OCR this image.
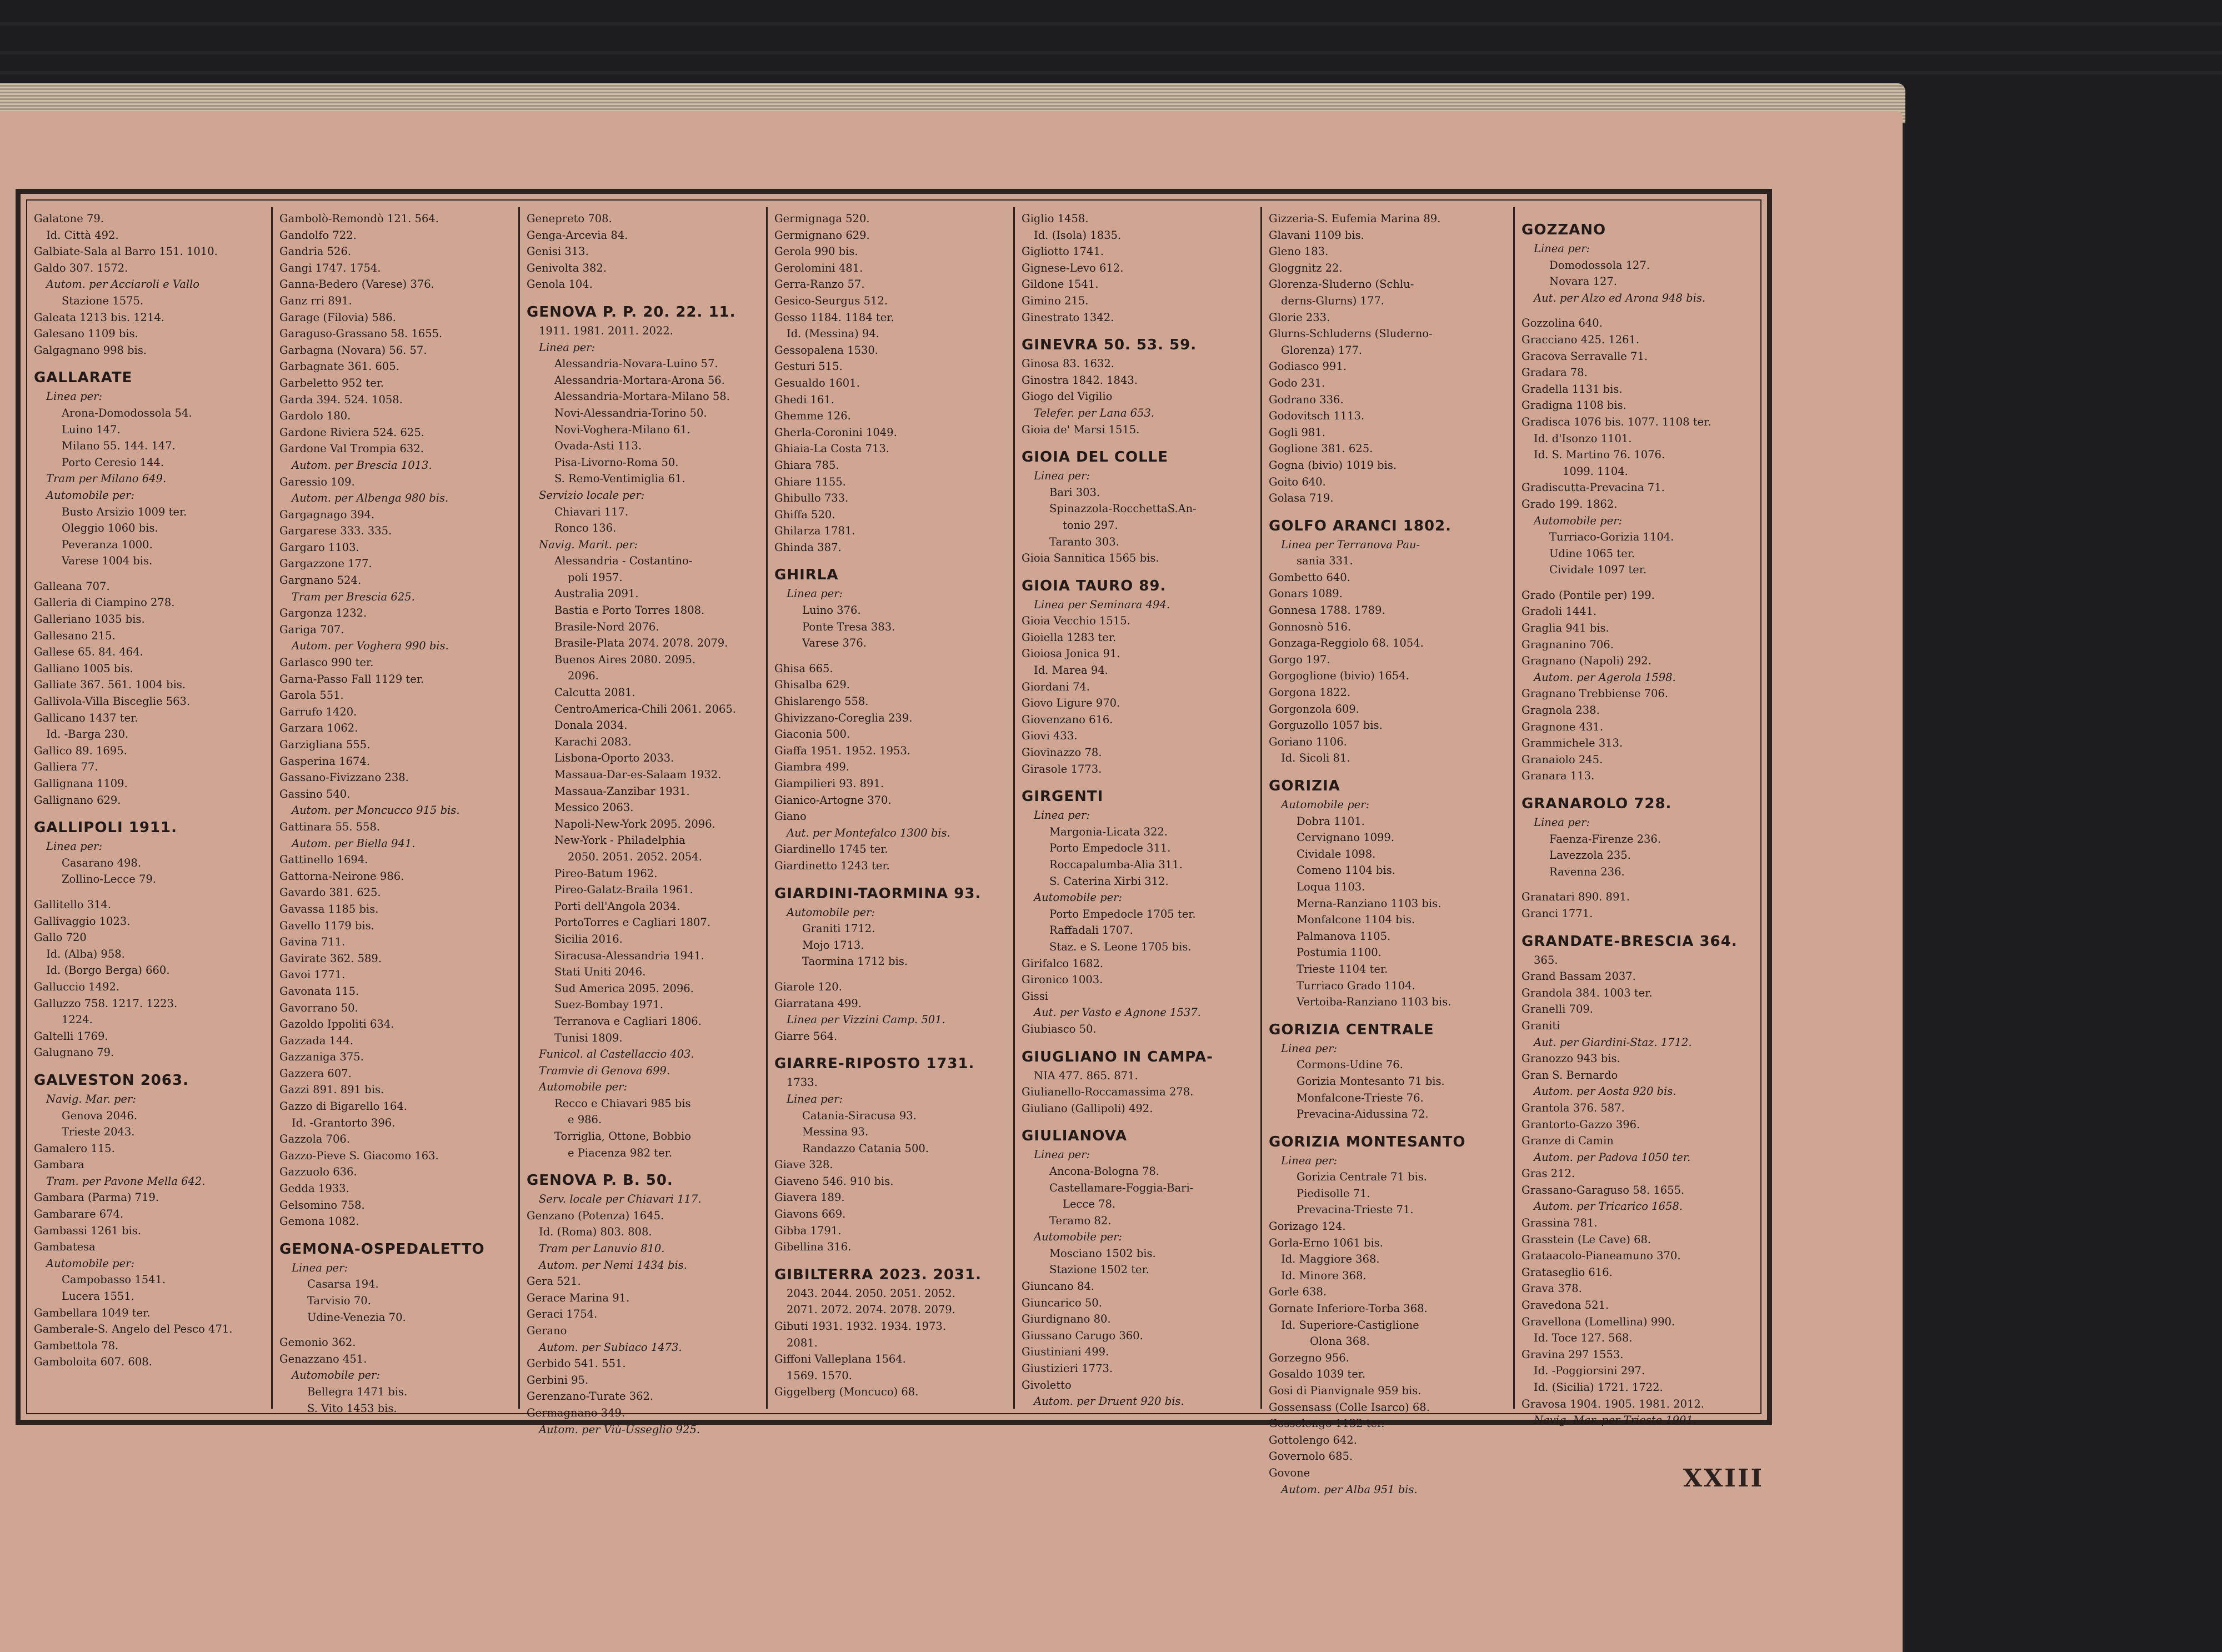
Galatone 79.
Id. Città 492.
Galbiate-Sala al Barro 151. 1010.
Galdo 307. 1572.
Autom. per Acciaroli e Vallo
Stazione 1575.
Galeata 1213 bis. 1214.
Galesano 1109 bis.
Galgagnano 998 bis.
GALLARATE
Linea per:
Arona-Domodossola 54.
Luino 147.
Milano 55. 144. 147.
Porto Ceresio 144.
Tram per Milano 649.
Automobile per:
Busto Arsizio 1009 ter.
Oleggio 1060 bis.
Peveranza 1000.
Varese 1004 bis.
Galleana 707.
Galleria di Ciampino 278.
Galleriano 1035 bis.
Gallesano 215.
Gallese 65. 84. 464.
Galliano 1005 bis.
Galliate 367. 561. 1004 bis.
Gallivola-Villa Bisceglie 563.
Gallicano 1437 ter.
Id. -Barga 230.
Gallico 89. 1695.
Galliera 77.
Gallignana 1109.
Gallignano 629.
GALLIPOLI 1911.
Linea per:
Casarano 498.
Zollino-Lecce 79.
Gallitello 314.
Gallivaggio 1023.
Gallo 720
Id. (Alba) 958.
Id. (Borgo Berga) 660.
Galluccio 1492.
Galluzzo 758. 1217. 1223.
1224.
Galtelli 1769.
Galugnano 79.
GALVESTON 2063.
Navig. Mar. per:
Genova 2046.
Trieste 2043.
Gamalero 115.
Gambara
Tram. per Pavone Mella 642.
Gambara (Parma) 719.
Gambarare 674.
Gambassi 1261 bis.
Gambatesa
Automobile per:
Campobasso 1541.
Lucera 1551.
Gambellara 1049 ter.
Gamberale-S. Angelo del Pesco 471.
Gambettola 78.
Gamboloita 607. 608.
Gambolò-Remondò 121. 564.
Gandolfo 722.
Gandria 526.
Gangi 1747. 1754.
Ganna-Bedero (Varese) 376.
Ganz rri 891.
Garage (Filovia) 586.
Garaguso-Grassano 58. 1655.
Garbagna (Novara) 56. 57.
Garbagnate 361. 605.
Garbeletto 952 ter.
Garda 394. 524. 1058.
Gardolo 180.
Gardone Riviera 524. 625.
Gardone Val Trompia 632.
Autom. per Brescia 1013.
Garessio 109.
Autom. per Albenga 980 bis.
Gargagnago 394.
Gargarese 333. 335.
Gargaro 1103.
Gargazzone 177.
Gargnano 524.
Tram per Brescia 625.
Gargonza 1232.
Gariga 707.
Autom. per Voghera 990 bis.
Garlasco 990 ter.
Garna-Passo Fall 1129 ter.
Garola 551.
Garrufo 1420.
Garzara 1062.
Garzigliana 555.
Gasperina 1674.
Gassano-Fivizzano 238.
Gassino 540.
Autom. per Moncucco 915 bis.
Gattinara 55. 558.
Autom. per Biella 941.
Gattinello 1694.
Gattorna-Neirone 986.
Gavardo 381. 625.
Gavassa 1185 bis.
Gavello 1179 bis.
Gavina 711.
Gavirate 362. 589.
Gavoi 1771.
Gavonata 115.
Gavorrano 50.
Gazoldo Ippoliti 634.
Gazzada 144.
Gazzaniga 375.
Gazzera 607.
Gazzi 891. 891 bis.
Gazzo di Bigarello 164.
Id. -Grantorto 396.
Gazzola 706.
Gazzo-Pieve S. Giacomo 163.
Gazzuolo 636.
Gedda 1933.
Gelsomino 758.
Gemona 1082.
GEMONA-OSPEDALETTO
Linea per:
Casarsa 194.
Tarvisio 70.
Udine-Venezia 70.
Gemonio 362.
Genazzano 451.
Automobile per:
Bellegra 1471 bis.
S. Vito 1453 bis.
Genepreto 708.
Genga-Arcevia 84.
Genisi 313.
Genivolta 382.
Genola 104.
GENOVA P. P. 20. 22. 11.
1911. 1981. 2011. 2022.
Linea per:
Alessandria-Novara-Luino 57.
Alessandria-Mortara-Arona 56.
Alessandria-Mortara-Milano 58.
Novi-Alessandria-Torino 50.
Novi-Voghera-Milano 61.
Ovada-Asti 113.
Pisa-Livorno-Roma 50.
S. Remo-Ventimiglia 61.
Servizio locale per:
Chiavari 117.
Ronco 136.
Navig. Marit. per:
Alessandria - Costantino-
poli 1957.
Australia 2091.
Bastia e Porto Torres 1808.
Brasile-Nord 2076.
Brasile-Plata 2074. 2078. 2079.
Buenos Aires 2080. 2095.
2096.
Calcutta 2081.
CentroAmerica-Chili 2061. 2065.
Donala 2034.
Karachi 2083.
Lisbona-Oporto 2033.
Massaua-Dar-es-Salaam 1932.
Massaua-Zanzibar 1931.
Messico 2063.
Napoli-New-York 2095. 2096.
New-York - Philadelphia
2050. 2051. 2052. 2054.
Pireo-Batum 1962.
Pireo-Galatz-Braila 1961.
Porti dell'Angola 2034.
PortoTorres e Cagliari 1807.
Sicilia 2016.
Siracusa-Alessandria 1941.
Stati Uniti 2046.
Sud America 2095. 2096.
Suez-Bombay 1971.
Terranova e Cagliari 1806.
Tunisi 1809.
Funicol. al Castellaccio 403.
Tramvie di Genova 699.
Automobile per:
Recco e Chiavari 985 bis
e 986.
Torriglia, Ottone, Bobbio
e Piacenza 982 ter.
GENOVA P. B. 50.
Serv. locale per Chiavari 117.
Genzano (Potenza) 1645.
Id. (Roma) 803. 808.
Tram per Lanuvio 810.
Autom. per Nemi 1434 bis.
Gera 521.
Gerace Marina 91.
Geraci 1754.
Gerano
Autom. per Subiaco 1473.
Gerbido 541. 551.
Gerbini 95.
Gerenzano-Turate 362.
Germagnano 349.
Autom. per Viù-Usseglio 925.
Germignaga 520.
Germignano 629.
Gerola 990 bis.
Gerolomini 481.
Gerra-Ranzo 57.
Gesico-Seurgus 512.
Gesso 1184. 1184 ter.
Id. (Messina) 94.
Gessopalena 1530.
Gesturi 515.
Gesualdo 1601.
Ghedi 161.
Ghemme 126.
Gherla-Coronini 1049.
Ghiaia-La Costa 713.
Ghiara 785.
Ghiare 1155.
Ghibullo 733.
Ghiffa 520.
Ghilarza 1781.
Ghinda 387.
GHIRLA
Linea per:
Luino 376.
Ponte Tresa 383.
Varese 376.
Ghisa 665.
Ghisalba 629.
Ghislarengo 558.
Ghivizzano-Coreglia 239.
Giaconia 500.
Giaffa 1951. 1952. 1953.
Giambra 499.
Giampilieri 93. 891.
Gianico-Artogne 370.
Giano
Aut. per Montefalco 1300 bis.
Giardinello 1745 ter.
Giardinetto 1243 ter.
GIARDINI-TAORMINA 93.
Automobile per:
Graniti 1712.
Mojo 1713.
Taormina 1712 bis.
Giarole 120.
Giarratana 499.
Linea per Vizzini Camp. 501.
Giarre 564.
GIARRE-RIPOSTO 1731.
1733.
Linea per:
Catania-Siracusa 93.
Messina 93.
Randazzo Catania 500.
Giave 328.
Giaveno 546. 910 bis.
Giavera 189.
Giavons 669.
Gibba 1791.
Gibellina 316.
GIBILTERRA 2023. 2031.
2043. 2044. 2050. 2051. 2052.
2071. 2072. 2074. 2078. 2079.
Gibuti 1931. 1932. 1934. 1973.
2081.
Giffoni Valleplana 1564.
1569. 1570.
Giggelberg (Moncuco) 68.
Giglio 1458.
Id. (Isola) 1835.
Gigliotto 1741.
Gignese-Levo 612.
Gildone 1541.
Gimino 215.
Ginestrato 1342.
GINEVRA 50. 53. 59.
Ginosa 83. 1632.
Ginostra 1842. 1843.
Giogo del Vigilio
Telefer. per Lana 653.
Gioia de' Marsi 1515.
GIOIA DEL COLLE
Linea per:
Bari 303.
Spinazzola-RocchettaS.An-
tonio 297.
Taranto 303.
Gioia Sannitica 1565 bis.
GIOIA TAURO 89.
Linea per Seminara 494.
Gioia Vecchio 1515.
Gioiella 1283 ter.
Gioiosa Jonica 91.
Id. Marea 94.
Giordani 74.
Giovo Ligure 970.
Giovenzano 616.
Giovi 433.
Giovinazzo 78.
Girasole 1773.
GIRGENTI
Linea per:
Margonia-Licata 322.
Porto Empedocle 311.
Roccapalumba-Alia 311.
S. Caterina Xirbi 312.
Automobile per:
Porto Empedocle 1705 ter.
Raffadali 1707.
Staz. e S. Leone 1705 bis.
Girifalco 1682.
Gironico 1003.
Gissi
Aut. per Vasto e Agnone 1537.
Giubiasco 50.
GIUGLIANO IN CAMPA-
NIA 477. 865. 871.
Giulianello-Roccamassima 278.
Giuliano (Gallipoli) 492.
GIULIANOVA
Linea per:
Ancona-Bologna 78.
Castellamare-Foggia-Bari-
Lecce 78.
Teramo 82.
Automobile per:
Mosciano 1502 bis.
Stazione 1502 ter.
Giuncano 84.
Giuncarico 50.
Giurdignano 80.
Giussano Carugo 360.
Giustiniani 499.
Giustizieri 1773.
Givoletto
Autom. per Druent 920 bis.
Gizzeria-S. Eufemia Marina 89.
Glavani 1109 bis.
Gleno 183.
Gloggnitz 22.
Glorenza-Sluderno (Schlu-
derns-Glurns) 177.
Glorie 233.
Glurns-Schluderns (Sluderno-
Glorenza) 177.
Godiasco 991.
Godo 231.
Godrano 336.
Godovitsch 1113.
Gogli 981.
Goglione 381. 625.
Gogna (bivio) 1019 bis.
Goito 640.
Golasa 719.
GOLFO ARANCI 1802.
Linea per Terranova Pau-
sania 331.
Gombetto 640.
Gonars 1089.
Gonnesa 1788. 1789.
Gonnosnò 516.
Gonzaga-Reggiolo 68. 1054.
Gorgo 197.
Gorgoglione (bivio) 1654.
Gorgona 1822.
Gorgonzola 609.
Gorguzollo 1057 bis.
Goriano 1106.
Id. Sicoli 81.
GORIZIA
Automobile per:
Dobra 1101.
Cervignano 1099.
Cividale 1098.
Comeno 1104 bis.
Loqua 1103.
Merna-Ranziano 1103 bis.
Monfalcone 1104 bis.
Palmanova 1105.
Postumia 1100.
Trieste 1104 ter.
Turriaco Grado 1104.
Vertoiba-Ranziano 1103 bis.
GORIZIA CENTRALE
Linea per:
Cormons-Udine 76.
Gorizia Montesanto 71 bis.
Monfalcone-Trieste 76.
Prevacina-Aidussina 72.
GORIZIA MONTESANTO
Linea per:
Gorizia Centrale 71 bis.
Piedisolle 71.
Prevacina-Trieste 71.
Gorizago 124.
Gorla-Erno 1061 bis.
Id. Maggiore 368.
Id. Minore 368.
Gorle 638.
Gornate Inferiore-Torba 368.
Id. Superiore-Castiglione
Olona 368.
Gorzegno 956.
Gosaldo 1039 ter.
Gosi di Pianvignale 959 bis.
Gossensass (Colle Isarco) 68.
Gossolengo 1132 ter.
Gottolengo 642.
Governolo 685.
Govone
Autom. per Alba 951 bis.
GOZZANO
Linea per:
Domodossola 127.
Novara 127.
Aut. per Alzo ed Arona 948 bis.
Gozzolina 640.
Gracciano 425. 1261.
Gracova Serravalle 71.
Gradara 78.
Gradella 1131 bis.
Gradigna 1108 bis.
Gradisca 1076 bis. 1077. 1108 ter.
Id. d'Isonzo 1101.
Id. S. Martino 76. 1076.
1099. 1104.
Gradiscutta-Prevacina 71.
Grado 199. 1862.
Automobile per:
Turriaco-Gorizia 1104.
Udine 1065 ter.
Cividale 1097 ter.
Grado (Pontile per) 199.
Gradoli 1441.
Graglia 941 bis.
Gragnanino 706.
Gragnano (Napoli) 292.
Autom. per Agerola 1598.
Gragnano Trebbiense 706.
Gragnola 238.
Gragnone 431.
Grammichele 313.
Granaiolo 245.
Granara 113.
GRANAROLO 728.
Linea per:
Faenza-Firenze 236.
Lavezzola 235.
Ravenna 236.
Granatari 890. 891.
Granci 1771.
GRANDATE-BRESCIA 364.
365.
Grand Bassam 2037.
Grandola 384. 1003 ter.
Granelli 709.
Graniti
Aut. per Giardini-Staz. 1712.
Granozzo 943 bis.
Gran S. Bernardo
Autom. per Aosta 920 bis.
Grantola 376. 587.
Grantorto-Gazzo 396.
Granze di Camin
Autom. per Padova 1050 ter.
Gras 212.
Grassano-Garaguso 58. 1655.
Autom. per Tricarico 1658.
Grassina 781.
Grasstein (Le Cave) 68.
Grataacolo-Pianeamuno 370.
Grataseglio 616.
Grava 378.
Gravedona 521.
Gravellona (Lomellina) 990.
Id. Toce 127. 568.
Gravina 297 1553.
Id. -Poggiorsini 297.
Id. (Sicilia) 1721. 1722.
Gravosa 1904. 1905. 1981. 2012.
Navig. Mar. per Trieste 1901.
XXIII
